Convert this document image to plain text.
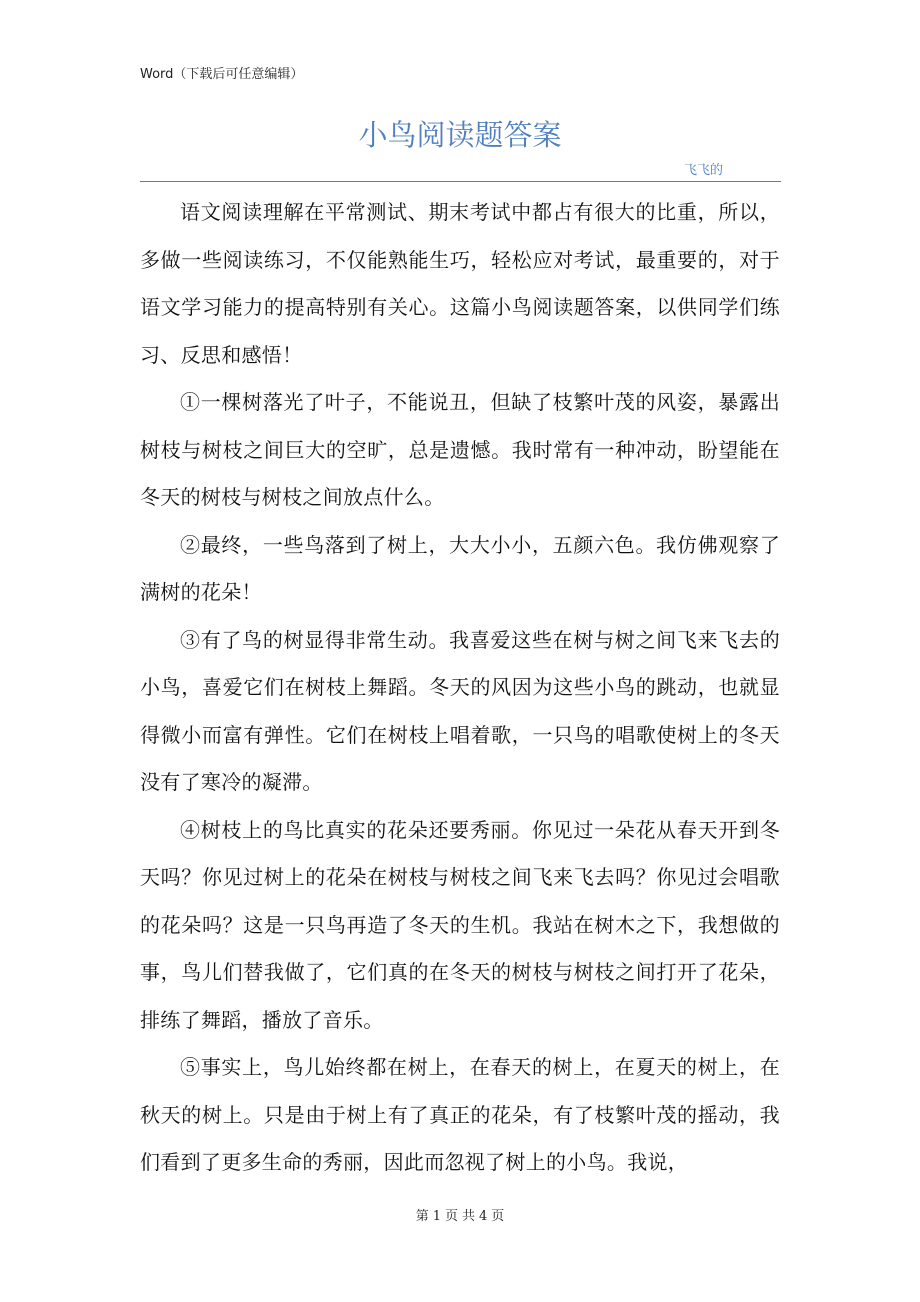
Word（下载后可任意编辑）
小鸟阅读题答案
飞飞的

语文阅读理解在平常测试、期末考试中都占有很大的比重，所以，多做一些阅读练习，不仅能熟能生巧，轻松应对考试，最重要的，对于语文学习能力的提高特别有关心。这篇小鸟阅读题答案，以供同学们练习、反思和感悟！

①一棵树落光了叶子，不能说丑，但缺了枝繁叶茂的风姿，暴露出树枝与树枝之间巨大的空旷，总是遗憾。我时常有一种冲动，盼望能在冬天的树枝与树枝之间放点什么。

②最终，一些鸟落到了树上，大大小小，五颜六色。我仿佛观察了满树的花朵！

③有了鸟的树显得非常生动。我喜爱这些在树与树之间飞来飞去的小鸟，喜爱它们在树枝上舞蹈。冬天的风因为这些小鸟的跳动，也就显得微小而富有弹性。它们在树枝上唱着歌，一只鸟的唱歌使树上的冬天没有了寒冷的凝滞。

④树枝上的鸟比真实的花朵还要秀丽。你见过一朵花从春天开到冬天吗？你见过树上的花朵在树枝与树枝之间飞来飞去吗？你见过会唱歌的花朵吗？这是一只鸟再造了冬天的生机。我站在树木之下，我想做的事，鸟儿们替我做了，它们真的在冬天的树枝与树枝之间打开了花朵，排练了舞蹈，播放了音乐。

⑤事实上，鸟儿始终都在树上，在春天的树上，在夏天的树上，在秋天的树上。只是由于树上有了真正的花朵，有了枝繁叶茂的摇动，我们看到了更多生命的秀丽，因此而忽视了树上的小鸟。我说，

第 1 页 共 4 页
